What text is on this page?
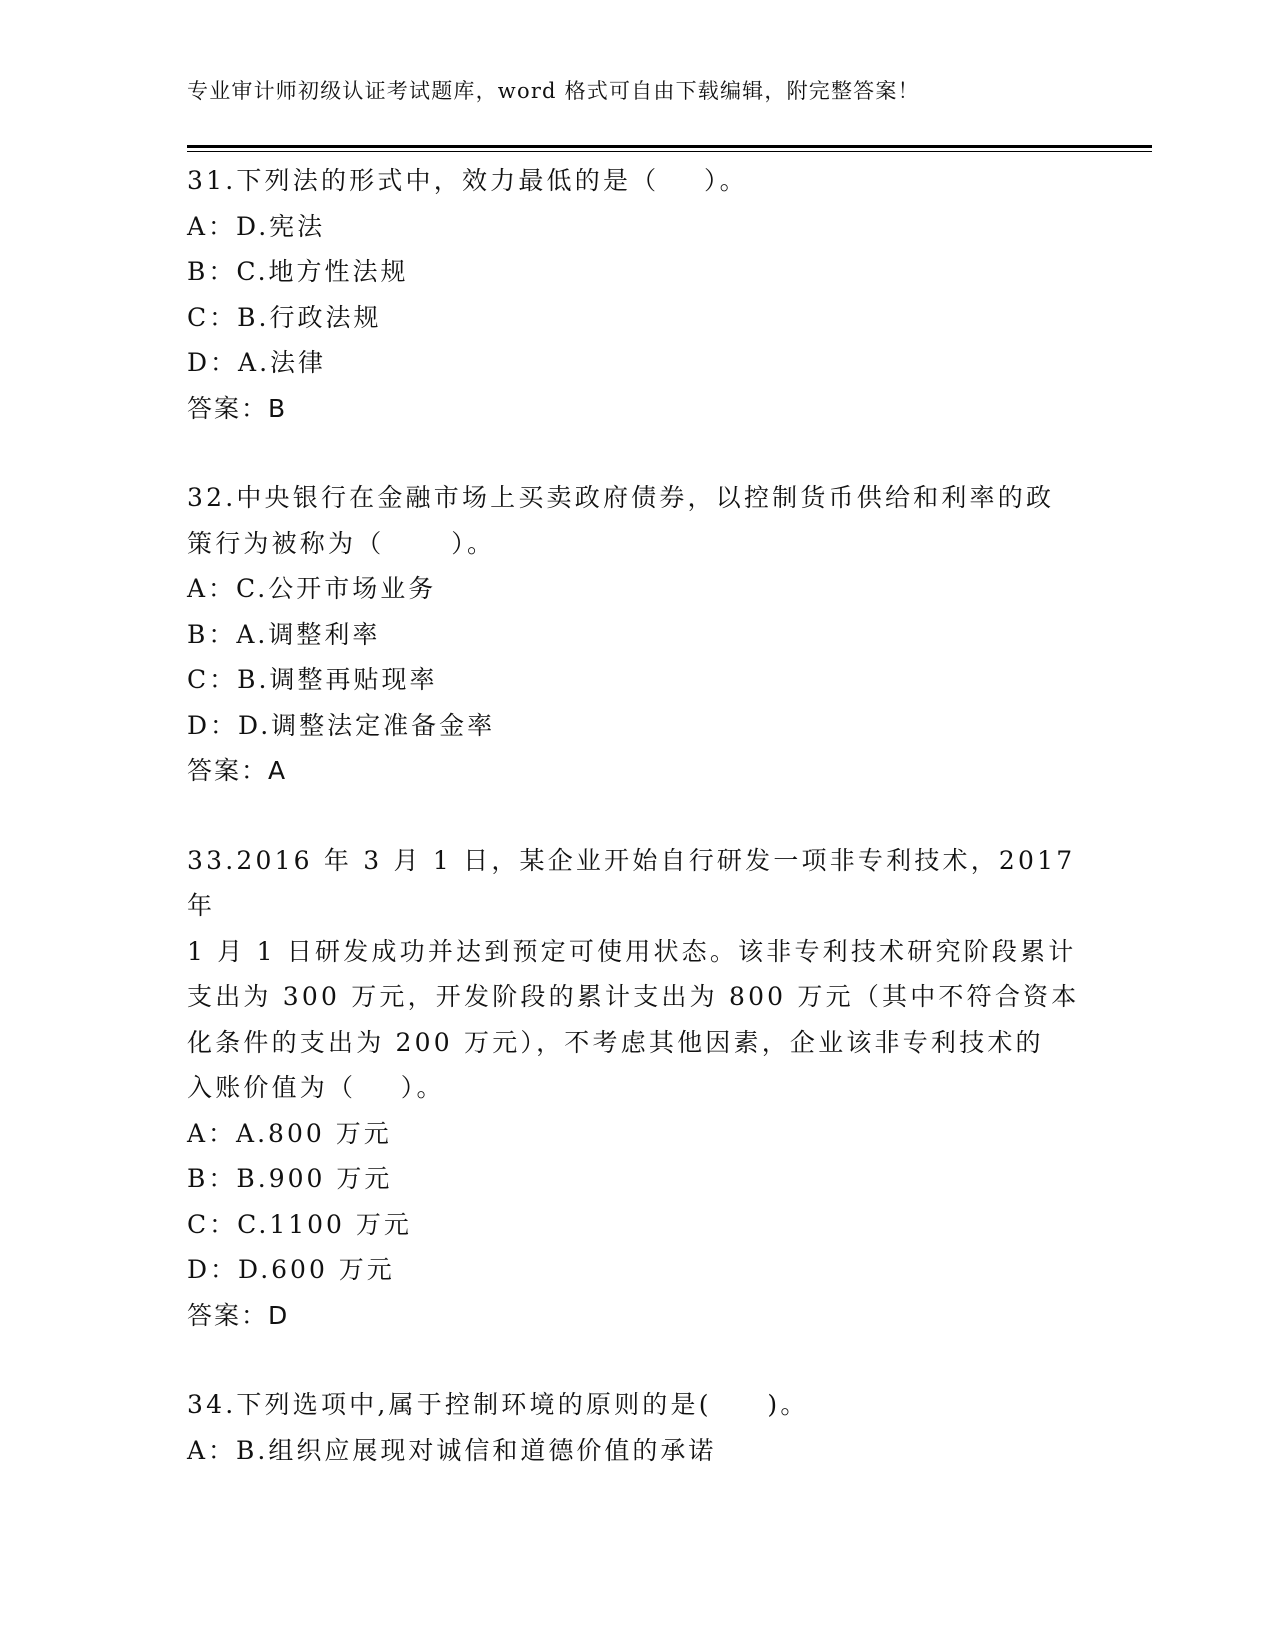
专业审计师初级认证考试题库，word 格式可自由下载编辑，附完整答案！

31.下列法的形式中，效力最低的是（    ）。

A：D.宪法

B：C.地方性法规

C：B.行政法规

D：A.法律

答案：B

32.中央银行在金融市场上买卖政府债券，以控制货币供给和利率的政

策行为被称为（      ）。

A：C.公开市场业务

B：A.调整利率

C：B.调整再贴现率

D：D.调整法定准备金率

答案：A

33.2016 年 3 月 1 日，某企业开始自行研发一项非专利技术，2017 年

1 月 1 日研发成功并达到预定可使用状态。该非专利技术研究阶段累计

支出为 300 万元，开发阶段的累计支出为 800 万元（其中不符合资本

化条件的支出为 200 万元），不考虑其他因素，企业该非专利技术的

入账价值为（    ）。

A：A.800 万元

B：B.900 万元

C：C.1100 万元

D：D.600 万元

答案：D

34.下列选项中,属于控制环境的原则的是(     )。

A：B.组织应展现对诚信和道德价值的承诺
